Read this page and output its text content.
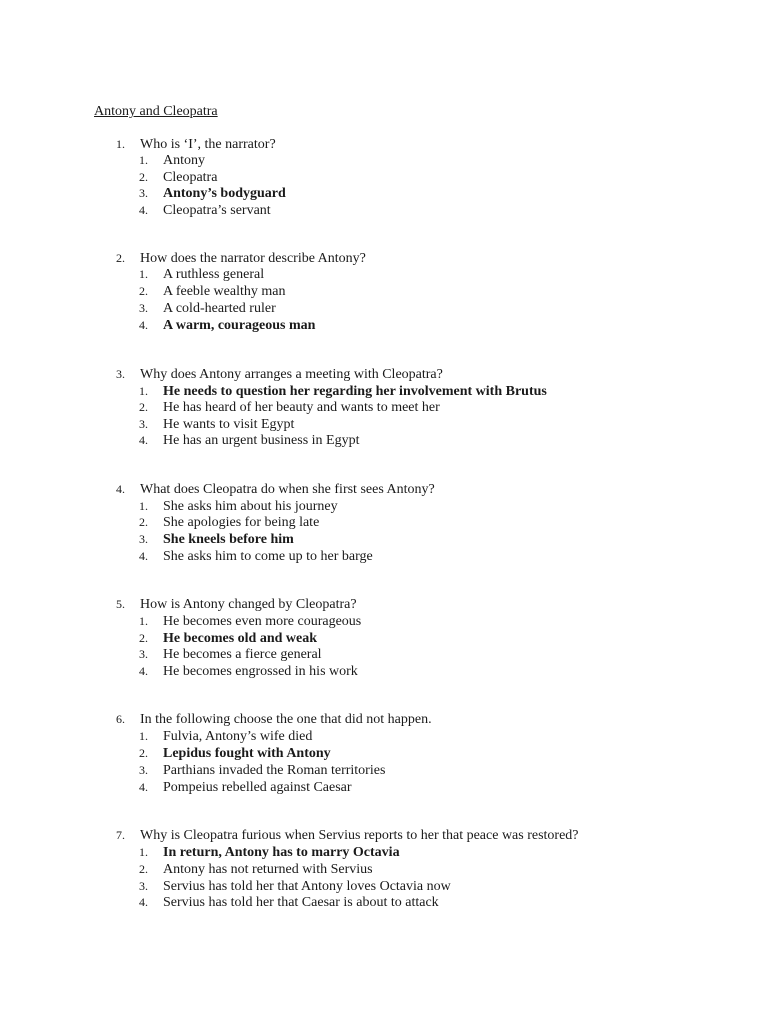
Antony and Cleopatra
1. Who is ‘I’, the narrator?
1. Antony
2. Cleopatra
3. Antony’s bodyguard
4. Cleopatra’s servant
2. How does the narrator describe Antony?
1. A ruthless general
2. A feeble wealthy man
3. A cold-hearted ruler
4. A warm, courageous man
3. Why does Antony arranges a meeting with Cleopatra?
1. He needs to question her regarding her involvement with Brutus
2. He has heard of her beauty and wants to meet her
3. He wants to visit Egypt
4. He has an urgent business in Egypt
4. What does Cleopatra do when she first sees Antony?
1. She asks him about his journey
2. She apologies for being late
3. She kneels before him
4. She asks him to come up to her barge
5. How is Antony changed by Cleopatra?
1. He becomes even more courageous
2. He becomes old and weak
3. He becomes a fierce general
4. He becomes engrossed in his work
6. In the following choose the one that did not happen.
1. Fulvia, Antony’s wife died
2. Lepidus fought with Antony
3. Parthians invaded the Roman territories
4. Pompeius rebelled against Caesar
7. Why is Cleopatra furious when Servius reports to her that peace was restored?
1. In return, Antony has to marry Octavia
2. Antony has not returned with Servius
3. Servius has told her that Antony loves Octavia now
4. Servius has told her that Caesar is about to attack
